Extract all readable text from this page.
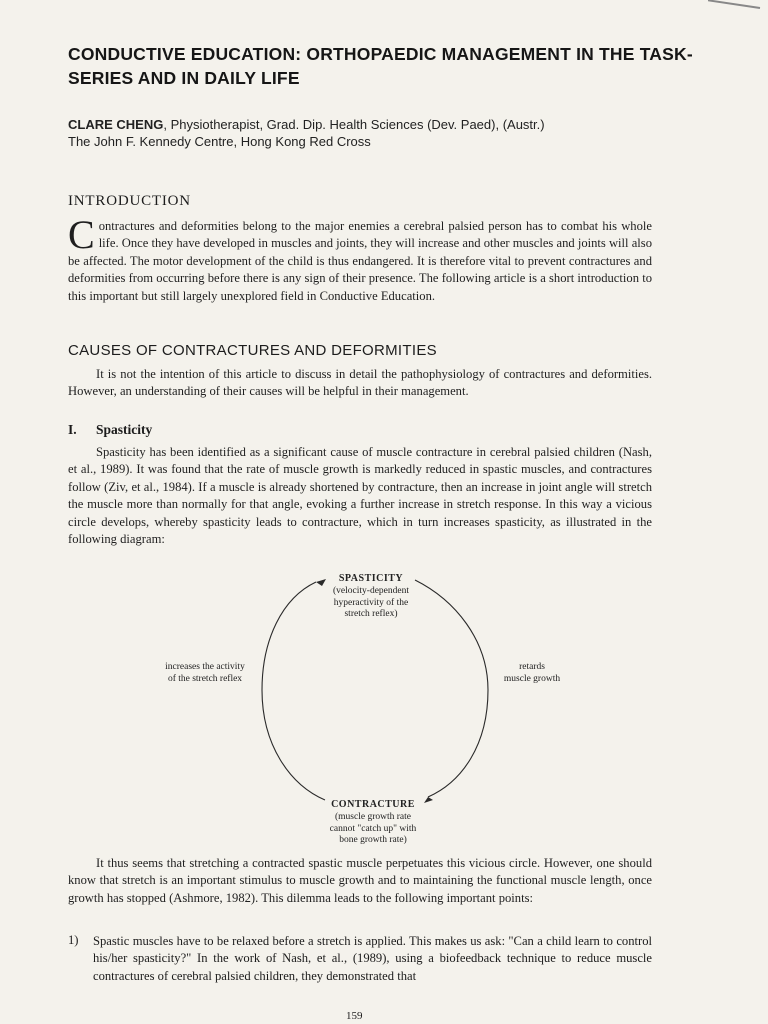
CONDUCTIVE EDUCATION: ORTHOPAEDIC MANAGEMENT IN THE TASK-SERIES AND IN DAILY LIFE
CLARE CHENG, Physiotherapist, Grad. Dip. Health Sciences (Dev. Paed), (Austr.)
The John F. Kennedy Centre, Hong Kong Red Cross
INTRODUCTION
Contractures and deformities belong to the major enemies a cerebral palsied person has to combat his whole life. Once they have developed in muscles and joints, they will increase and other muscles and joints will also be affected. The motor development of the child is thus endangered. It is therefore vital to prevent contractures and deformities from occurring before there is any sign of their presence. The following article is a short introduction to this important but still largely unexplored field in Conductive Education.
CAUSES OF CONTRACTURES AND DEFORMITIES
It is not the intention of this article to discuss in detail the pathophysiology of contractures and deformities. However, an understanding of their causes will be helpful in their management.
I. Spasticity
Spasticity has been identified as a significant cause of muscle contracture in cerebral palsied children (Nash, et al., 1989). It was found that the rate of muscle growth is markedly reduced in spastic muscles, and contractures follow (Ziv, et al., 1984). If a muscle is already shortened by contracture, then an increase in joint angle will stretch the muscle more than normally for that angle, evoking a further increase in stretch response. In this way a vicious circle develops, whereby spasticity leads to contracture, which in turn increases spasticity, as illustrated in the following diagram:
SPASTICITY
(velocity-dependent
hyperactivity of the
stretch reflex)
increases the activity
of the stretch reflex
retards
muscle growth
CONTRACTURE
(muscle growth rate
cannot "catch up" with
bone growth rate)
It thus seems that stretching a contracted spastic muscle perpetuates this vicious circle. However, one should know that stretch is an important stimulus to muscle growth and to maintaining the functional muscle length, once growth has stopped (Ashmore, 1982). This dilemma leads to the following important points:
1) Spastic muscles have to be relaxed before a stretch is applied. This makes us ask: "Can a child learn to control his/her spasticity?" In the work of Nash, et al., (1989), using a biofeedback technique to reduce muscle contractures of cerebral palsied children, they demonstrated that
159
